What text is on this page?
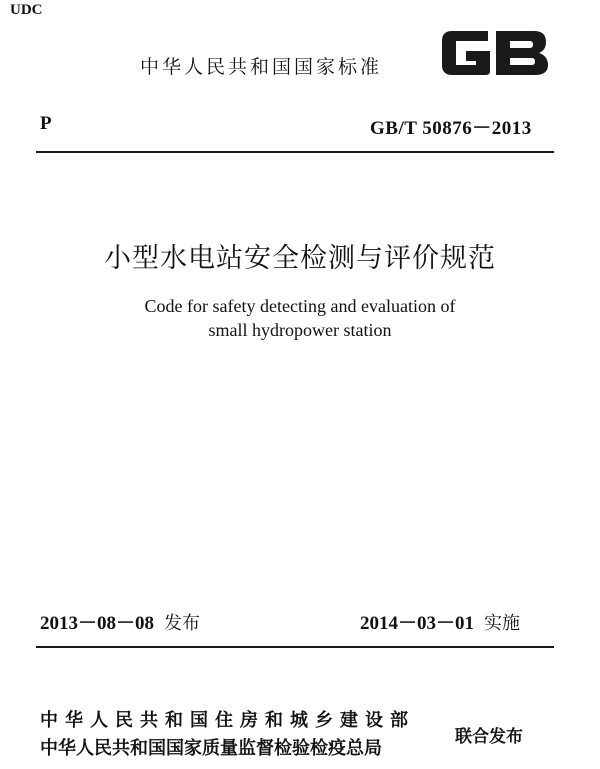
UDC
中华人民共和国国家标准
P	GB/T 50876－2013
小型水电站安全检测与评价规范
Code for safety detecting and evaluation of
small hydropower station
2013－08－08 发布	2014－03－01 实施
中华人民共和国住房和城乡建设部
中华人民共和国国家质量监督检验检疫总局
联合发布
